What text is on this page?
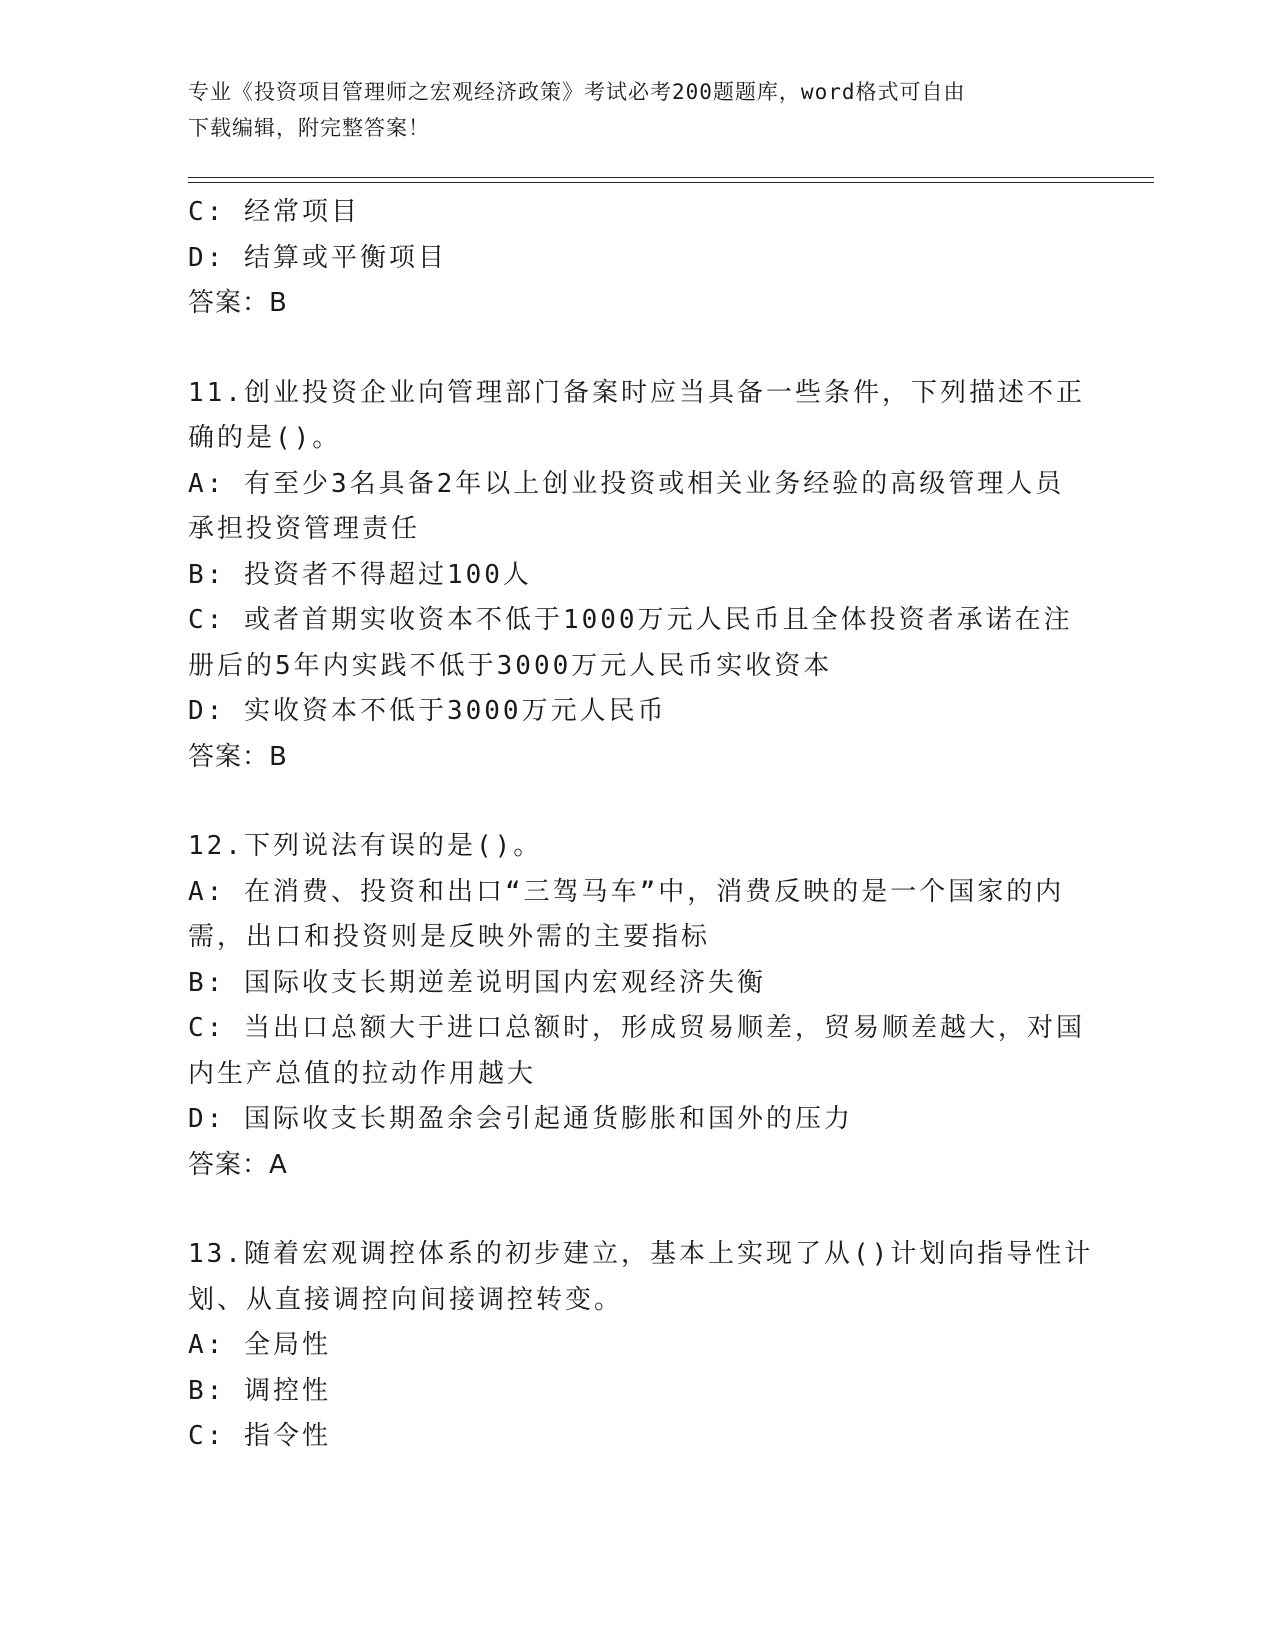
专业《投资项目管理师之宏观经济政策》考试必考200题题库，word格式可自由
下载编辑，附完整答案！
C: 经常项目
D: 结算或平衡项目
答案：B
11.创业投资企业向管理部门备案时应当具备一些条件，下列描述不正
确的是()。
A: 有至少3名具备2年以上创业投资或相关业务经验的高级管理人员
承担投资管理责任
B: 投资者不得超过100人
C: 或者首期实收资本不低于1000万元人民币且全体投资者承诺在注
册后的5年内实践不低于3000万元人民币实收资本
D: 实收资本不低于3000万元人民币
答案：B
12.下列说法有误的是()。
A: 在消费、投资和出口“三驾马车”中，消费反映的是一个国家的内
需，出口和投资则是反映外需的主要指标
B: 国际收支长期逆差说明国内宏观经济失衡
C: 当出口总额大于进口总额时，形成贸易顺差，贸易顺差越大，对国
内生产总值的拉动作用越大
D: 国际收支长期盈余会引起通货膨胀和国外的压力
答案：A
13.随着宏观调控体系的初步建立，基本上实现了从()计划向指导性计
划、从直接调控向间接调控转变。
A: 全局性
B: 调控性
C: 指令性
